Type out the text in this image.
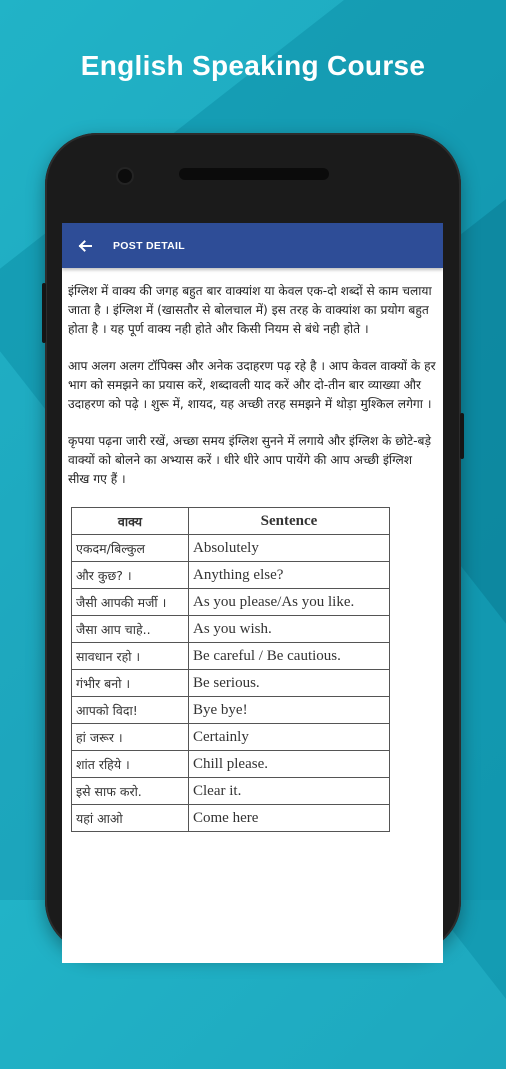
English Speaking Course
POST DETAIL

इंग्लिश में वाक्य की जगह बहुत बार वाक्यांश या केवल एक-दो शब्दों से काम चलाया जाता है । इंग्लिश में (खासतौर से बोलचाल में) इस तरह के वाक्यांश का प्रयोग बहुत होता है । यह पूर्ण वाक्य नही होते और किसी नियम से बंधे नही होते ।

आप अलग अलग टॉपिक्स और अनेक उदाहरण पढ़ रहे है । आप केवल वाक्यों के हर भाग को समझने का प्रयास करें, शब्दावली याद करें और दो-तीन बार व्याख्या और उदाहरण को पढ़े । शुरू में, शायद, यह अच्छी तरह समझने में थोड़ा मुश्किल लगेगा ।

कृपया पढ़ना जारी रखें, अच्छा समय इंग्लिश सुनने में लगाये और इंग्लिश के छोटे-बड़े वाक्यों को बोलने का अभ्यास करें । धीरे धीरे आप पायेंगे की आप अच्छी इंग्लिश सीख गए हैं ।

वाक्य	Sentence
एकदम/बिल्कुल	Absolutely
और कुछ? ।	Anything else?
जैसी आपकी मर्जी ।	As you please/As you like.
जैसा आप चाहे..	As you wish.
सावधान रहो ।	Be careful / Be cautious.
गंभीर बनो ।	Be serious.
आपको विदा!	Bye bye!
हां जरूर ।	Certainly
शांत रहिये ।	Chill please.
इसे साफ करो.	Clear it.
यहां आओ	Come here
